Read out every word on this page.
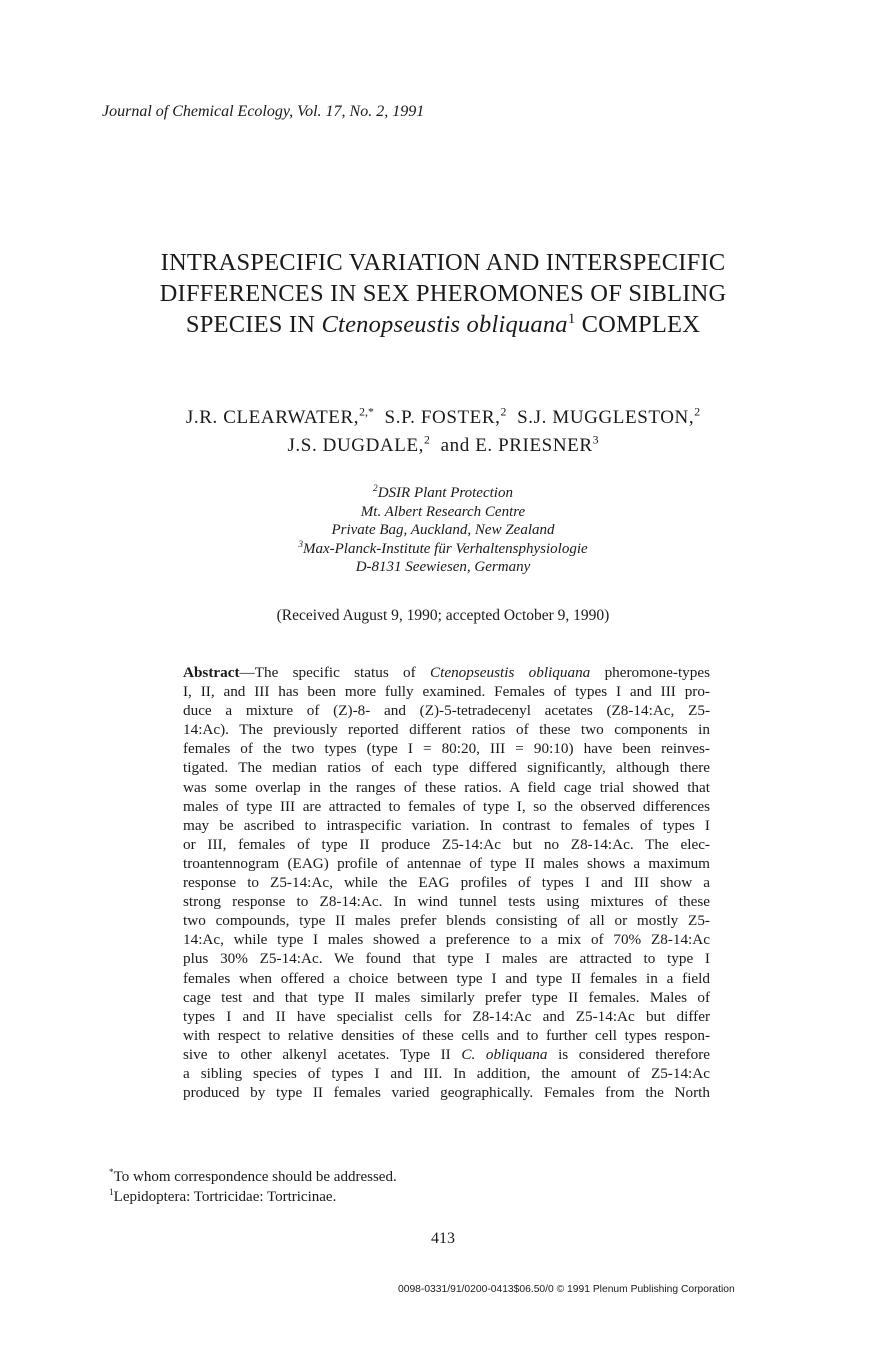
Journal of Chemical Ecology, Vol. 17, No. 2, 1991
INTRASPECIFIC VARIATION AND INTERSPECIFIC
DIFFERENCES IN SEX PHEROMONES OF SIBLING
SPECIES IN Ctenopseustis obliquana$^1$ COMPLEX
J.R. CLEARWATER,$^{2,*}$ S.P. FOSTER,$^2$ S.J. MUGGLESTON,$^2$
J.S. DUGDALE,$^2$ and E. PRIESNER$^3$
$^2$DSIR Plant Protection
Mt. Albert Research Centre
Private Bag, Auckland, New Zealand
$^3$Max-Planck-Institute für Verhaltensphysiologie
D-8131 Seewiesen, Germany
(Received August 9, 1990; accepted October 9, 1990)
Abstract—The specific status of Ctenopseustis obliquana pheromone-types
I, II, and III has been more fully examined. Females of types I and III pro-
duce a mixture of (Z)-8- and (Z)-5-tetradecenyl acetates (Z8-14:Ac, Z5-
14:Ac). The previously reported different ratios of these two components in
females of the two types (type I = 80:20, III = 90:10) have been reinves-
tigated. The median ratios of each type differed significantly, although there
was some overlap in the ranges of these ratios. A field cage trial showed that
males of type III are attracted to females of type I, so the observed differences
may be ascribed to intraspecific variation. In contrast to females of types I
or III, females of type II produce Z5-14:Ac but no Z8-14:Ac. The elec-
troantennogram (EAG) profile of antennae of type II males shows a maximum
response to Z5-14:Ac, while the EAG profiles of types I and III show a
strong response to Z8-14:Ac. In wind tunnel tests using mixtures of these
two compounds, type II males prefer blends consisting of all or mostly Z5-
14:Ac, while type I males showed a preference to a mix of 70% Z8-14:Ac
plus 30% Z5-14:Ac. We found that type I males are attracted to type I
females when offered a choice between type I and type II females in a field
cage test and that type II males similarly prefer type II females. Males of
types I and II have specialist cells for Z8-14:Ac and Z5-14:Ac but differ
with respect to relative densities of these cells and to further cell types respon-
sive to other alkenyl acetates. Type II C. obliquana is considered therefore
a sibling species of types I and III. In addition, the amount of Z5-14:Ac
produced by type II females varied geographically. Females from the North
*To whom correspondence should be addressed.
$^1$Lepidoptera: Tortricidae: Tortricinae.
413
0098-0331/91/0200-0413$06.50/0 © 1991 Plenum Publishing Corporation
